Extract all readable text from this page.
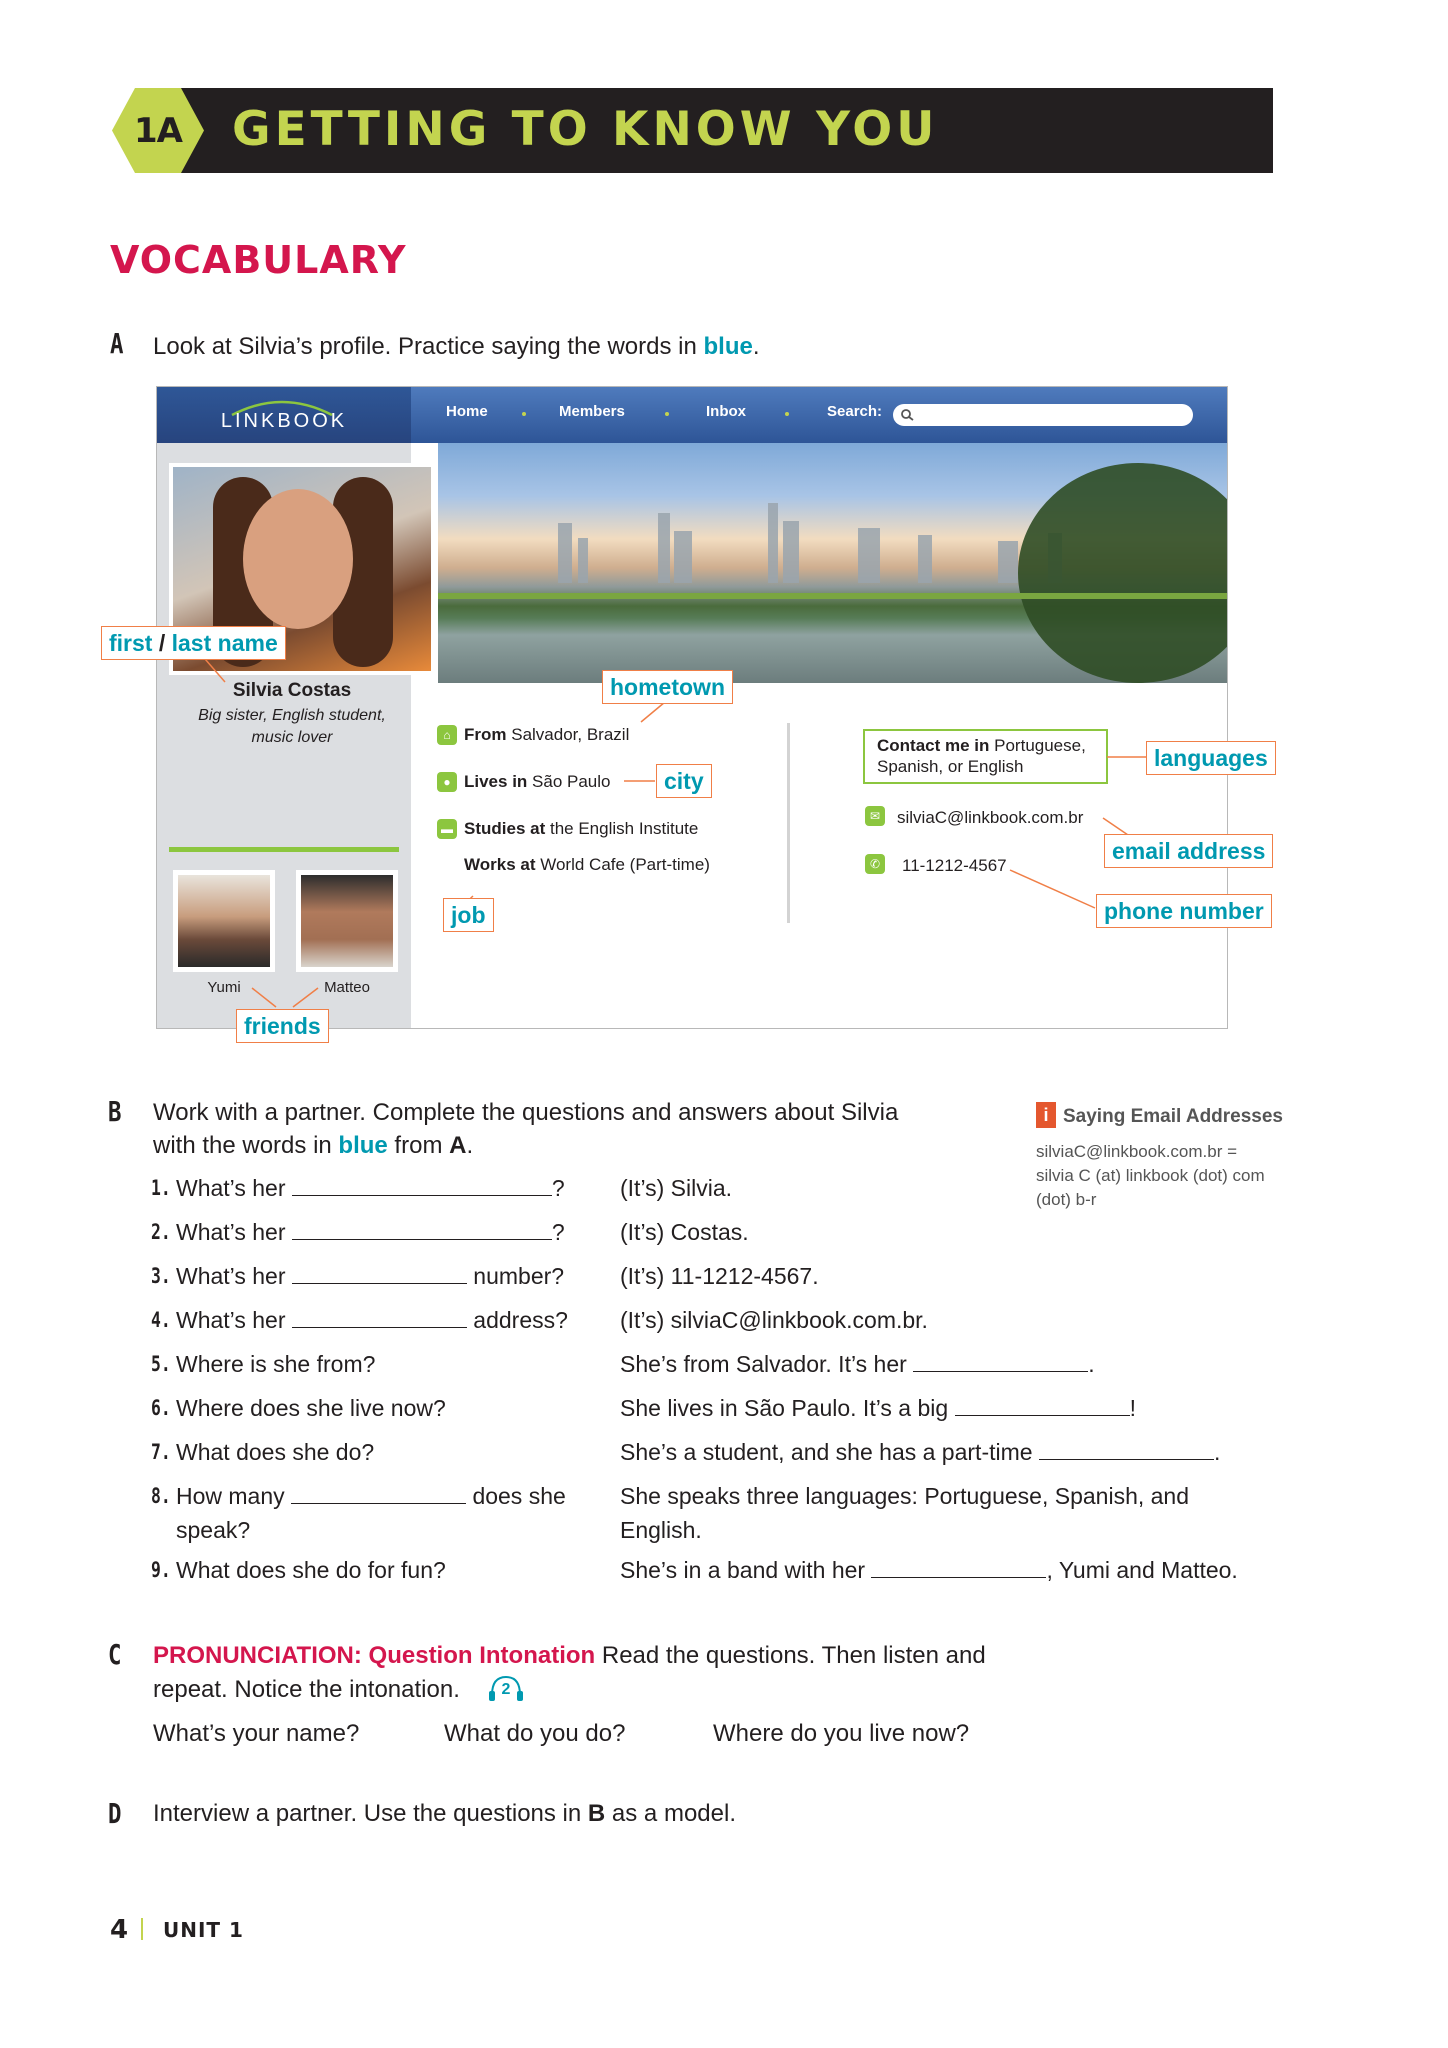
1A	GETTING TO KNOW YOU
VOCABULARY
A Look at Silvia’s profile. Practice saying the words in blue.
LINKBOOK	Home	Members	Inbox	Search:
Silvia Costas
Big sister, English student, music lover
Yumi	Matteo
⌂ From Salvador, Brazil
● Lives in São Paulo
▬ Studies at the English Institute
Works at World Cafe (Part-time)
Contact me in Portuguese, Spanish, or English
✉ silviaC@linkbook.com.br
✆ 11-1212-4567
first / last name
hometown
city
job
languages
email address
phone number
friends
B Work with a partner. Complete the questions and answers about Silvia
with the words in blue from A.
i Saying Email Addresses
silviaC@linkbook.com.br = silvia C (at) linkbook (dot) com (dot) b-r
1. What’s her	? (It’s) Silvia.
2. What’s her	? (It’s) Costas.
3. What’s her	number? (It’s) 11-1212-4567.
4. What’s her	address? (It’s) silviaC@linkbook.com.br.
5. Where is she from?	She’s from Salvador. It’s her	.
6. Where does she live now?	She lives in São Paulo. It’s a big	!
7. What does she do?	She’s a student, and she has a part-time	.
8. How many	does she
speak?
She speaks three languages: Portuguese, Spanish, and
English.
9. What does she do for fun?	She’s in a band with her	, Yumi and Matteo.
C PRONUNCIATION: Question Intonation Read the questions. Then listen and
repeat. Notice the intonation.	2
What’s your name?	What do you do?	Where do you live now?
D Interview a partner. Use the questions in B as a model.
4 UNIT 1
